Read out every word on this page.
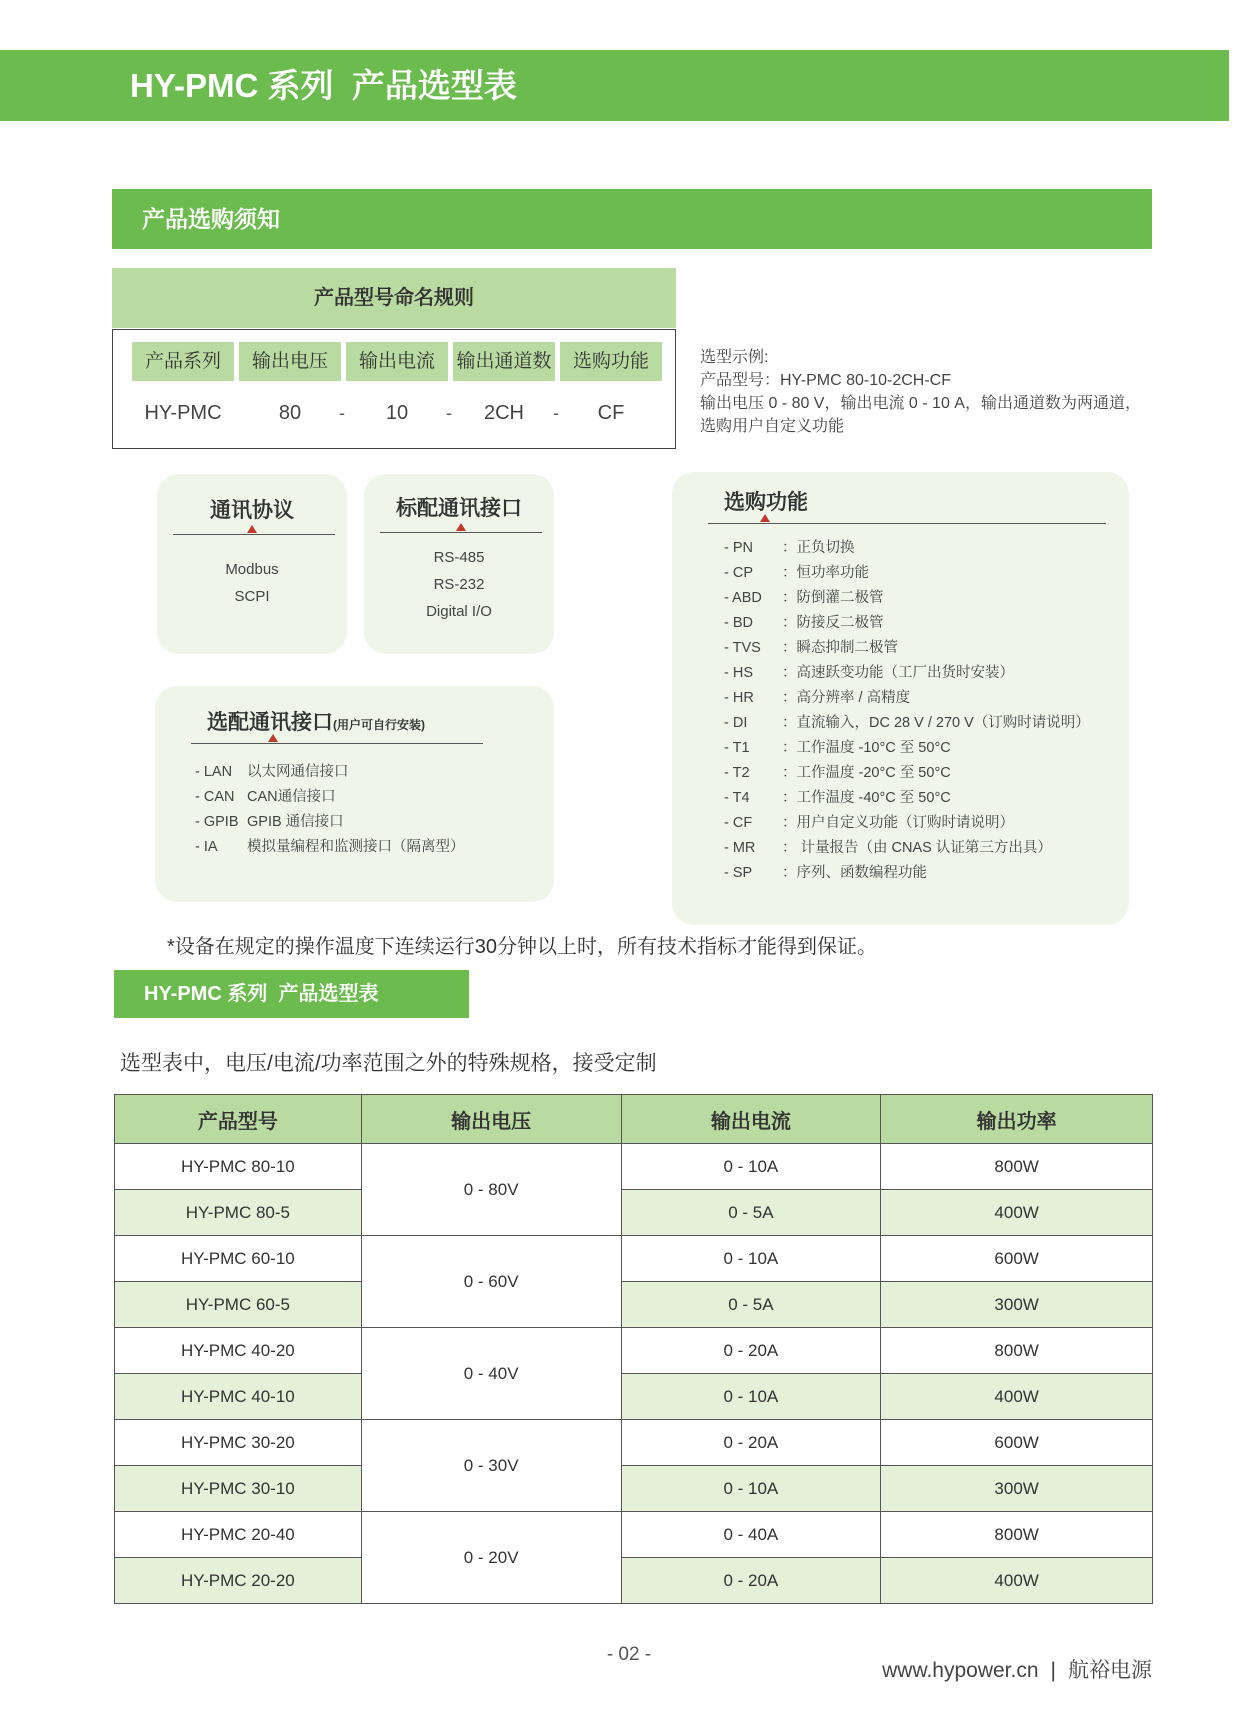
HY-PMC 系列  产品选型表
产品选购须知
产品型号命名规则
产品系列	输出电压	输出电流	输出通道数	选购功能
HY-PMC	80	-	10	-	2CH	-	CF
选型示例:
产品型号：HY-PMC 80-10-2CH-CF
输出电压 0 - 80 V，输出电流 0 - 10 A，输出通道数为两通道，
选购用户自定义功能
通讯协议
Modbus
SCPI
标配通讯接口
RS-485
RS-232
Digital I/O
选配通讯接口(用户可自行安装)
- LAN 以太网通信接口
- CAN CAN通信接口
- GPIB GPIB 通信接口
- IA 模拟量编程和监测接口（隔离型）
选购功能
- PN ：正负切换
- CP ：恒功率功能
- ABD ：防倒灌二极管
- BD ：防接反二极管
- TVS ：瞬态抑制二极管
- HS ：高速跃变功能（工厂出货时安装）
- HR ：高分辨率 / 高精度
- DI ：直流输入，DC 28 V / 270 V（订购时请说明）
- T1 ：工作温度 -10°C 至 50°C
- T2 ：工作温度 -20°C 至 50°C
- T4 ：工作温度 -40°C 至 50°C
- CF ：用户自定义功能（订购时请说明）
- MR ： 计量报告（由 CNAS 认证第三方出具）
- SP ：序列、函数编程功能
*设备在规定的操作温度下连续运行30分钟以上时，所有技术指标才能得到保证。
HY-PMC 系列  产品选型表
选型表中，电压/电流/功率范围之外的特殊规格，接受定制
产品型号	输出电压	输出电流	输出功率
HY-PMC 80-10	0 - 80V	0 - 10A	800W
HY-PMC 80-5		0 - 5A	400W
HY-PMC 60-10	0 - 60V	0 - 10A	600W
HY-PMC 60-5		0 - 5A	300W
HY-PMC 40-20	0 - 40V	0 - 20A	800W
HY-PMC 40-10		0 - 10A	400W
HY-PMC 30-20	0 - 30V	0 - 20A	600W
HY-PMC 30-10		0 - 10A	300W
HY-PMC 20-40	0 - 20V	0 - 40A	800W
HY-PMC 20-20		0 - 20A	400W
- 02 -
www.hypower.cn | 航裕电源
